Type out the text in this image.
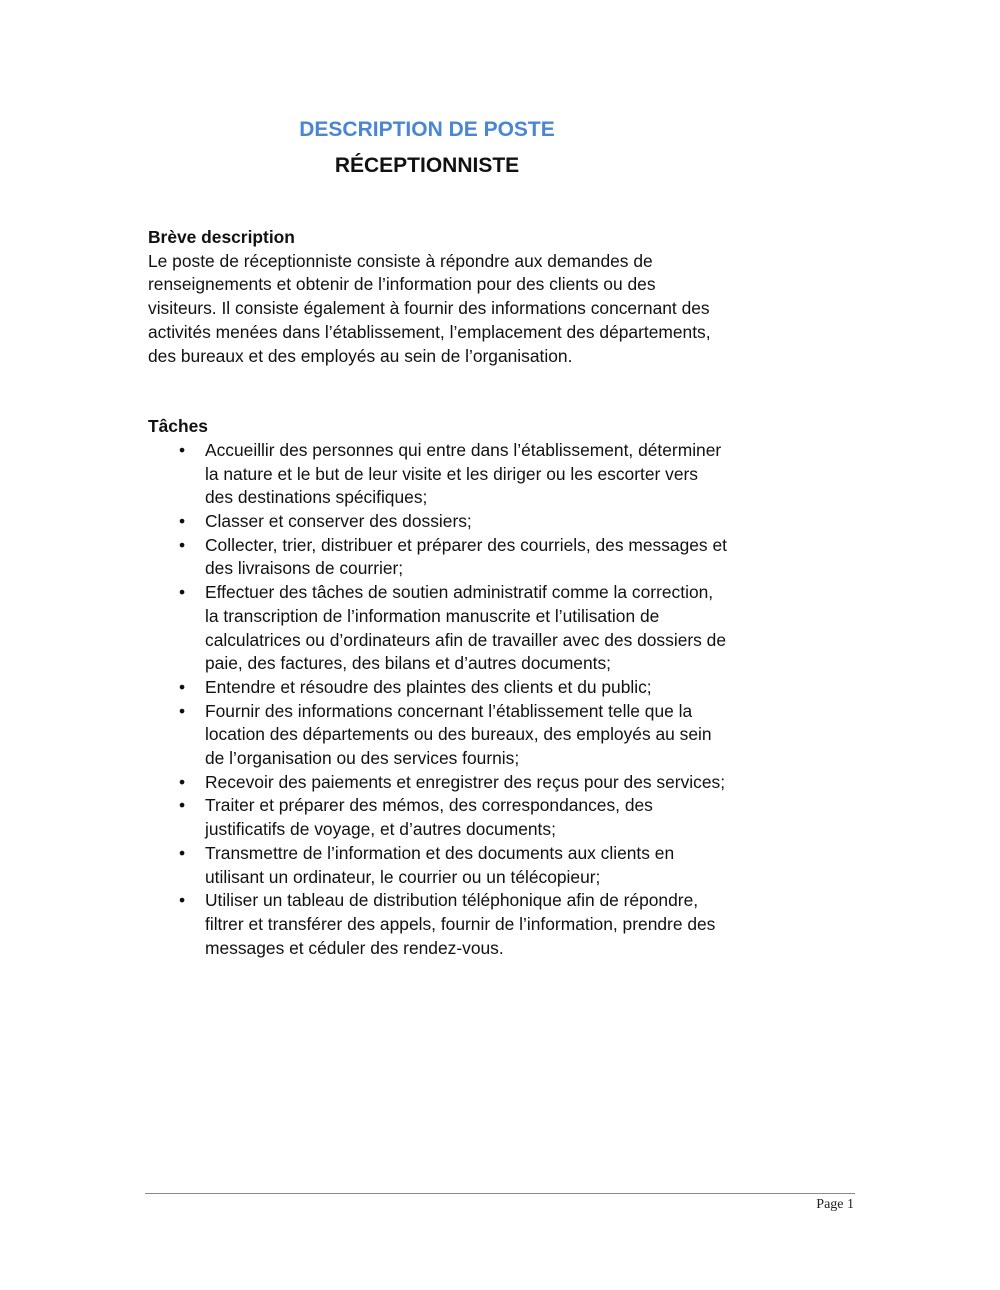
DESCRIPTION DE POSTE
RÉCEPTIONNISTE
Brève description

Le poste de réceptionniste consiste à répondre aux demandes de renseignements et obtenir de l’information pour des clients ou des visiteurs. Il consiste également à fournir des informations concernant des activités menées dans l’établissement, l’emplacement des départements, des bureaux et des employés au sein de l’organisation.

Tâches
• Accueillir des personnes qui entre dans l’établissement, déterminer la nature et le but de leur visite et les diriger ou les escorter vers des destinations spécifiques;
• Classer et conserver des dossiers;
• Collecter, trier, distribuer et préparer des courriels, des messages et des livraisons de courrier;
• Effectuer des tâches de soutien administratif comme la correction, la transcription de l’information manuscrite et l’utilisation de calculatrices ou d’ordinateurs afin de travailler avec des dossiers de paie, des factures, des bilans et d’autres documents;
• Entendre et résoudre des plaintes des clients et du public;
• Fournir des informations concernant l’établissement telle que la location des départements ou des bureaux, des employés au sein de l’organisation ou des services fournis;
• Recevoir des paiements et enregistrer des reçus pour des services;
• Traiter et préparer des mémos, des correspondances, des justificatifs de voyage, et d’autres documents;
• Transmettre de l’information et des documents aux clients en utilisant un ordinateur, le courrier ou un télécopieur;
• Utiliser un tableau de distribution téléphonique afin de répondre, filtrer et transférer des appels, fournir de l’information, prendre des messages et céduler des rendez-vous.
Page 1
